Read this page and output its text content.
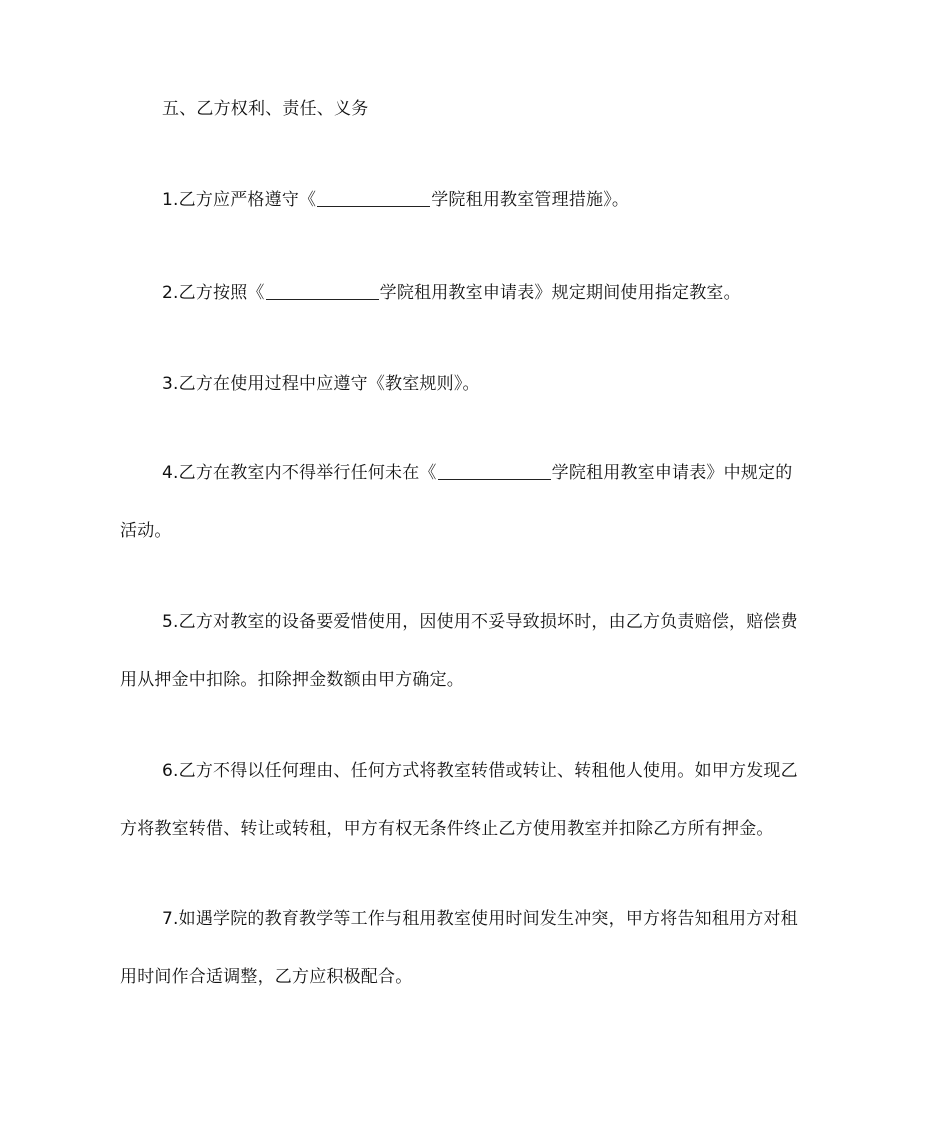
五、乙方权利、责任、义务
1.乙方应严格遵守《	学院租用教室管理措施》。
2.乙方按照《	学院租用教室申请表》规定期间使用指定教室。
3.乙方在使用过程中应遵守《教室规则》。
4.乙方在教室内不得举行任何未在《	学院租用教室申请表》中规定的
活动。
5.乙方对教室的设备要爱惜使用，因使用不妥导致损坏时，由乙方负责赔偿，赔偿费
用从押金中扣除。扣除押金数额由甲方确定。
6.乙方不得以任何理由、任何方式将教室转借或转让、转租他人使用。如甲方发现乙
方将教室转借、转让或转租，甲方有权无条件终止乙方使用教室并扣除乙方所有押金。
7.如遇学院的教育教学等工作与租用教室使用时间发生冲突，甲方将告知租用方对租
用时间作合适调整，乙方应积极配合。
